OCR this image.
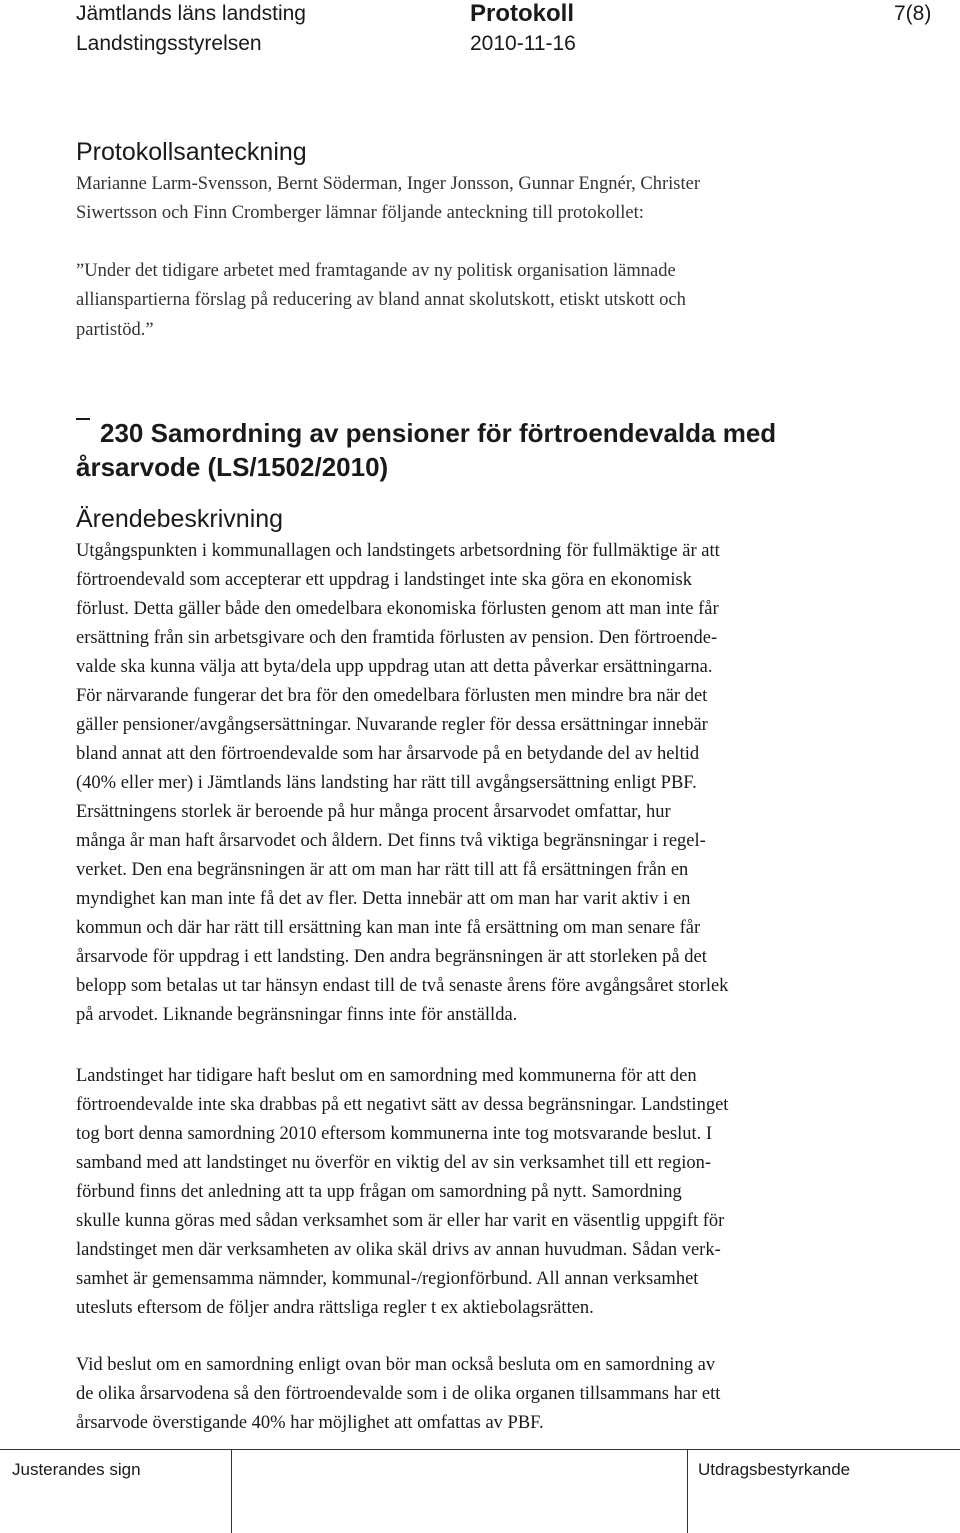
Jämtlands läns landsting
Landstingsstyrelsen
Protokoll
2010-11-16
7(8)
Protokollsanteckning
Marianne Larm-Svensson, Bernt Söderman, Inger Jonsson, Gunnar Engnér, Christer
Siwertsson och Finn Cromberger lämnar följande anteckning till protokollet:
”Under det tidigare arbetet med framtagande av ny politisk organisation lämnade
allianspartierna förslag på reducering av bland annat skolutskott, etiskt utskott och
partistöd.”
230 Samordning av pensioner för förtroendevalda med
årsarvode (LS/1502/2010)
Ärendebeskrivning
Utgångspunkten i kommunallagen och landstingets arbetsordning för fullmäktige är att
förtroendevald som accepterar ett uppdrag i landstinget inte ska göra en ekonomisk
förlust. Detta gäller både den omedelbara ekonomiska förlusten genom att man inte får
ersättning från sin arbetsgivare och den framtida förlusten av pension. Den förtroende-
valde ska kunna välja att byta/dela upp uppdrag utan att detta påverkar ersättningarna.
För närvarande fungerar det bra för den omedelbara förlusten men mindre bra när det
gäller pensioner/avgångsersättningar. Nuvarande regler för dessa ersättningar innebär
bland annat att den förtroendevalde som har årsarvode på en betydande del av heltid
(40% eller mer) i Jämtlands läns landsting har rätt till avgångsersättning enligt PBF.
Ersättningens storlek är beroende på hur många procent årsarvodet omfattar, hur
många år man haft årsarvodet och åldern. Det finns två viktiga begränsningar i regel-
verket. Den ena begränsningen är att om man har rätt till att få ersättningen från en
myndighet kan man inte få det av fler. Detta innebär att om man har varit aktiv i en
kommun och där har rätt till ersättning kan man inte få ersättning om man senare får
årsarvode för uppdrag i ett landsting. Den andra begränsningen är att storleken på det
belopp som betalas ut tar hänsyn endast till de två senaste årens före avgångsåret storlek
på arvodet. Liknande begränsningar finns inte för anställda.
Landstinget har tidigare haft beslut om en samordning med kommunerna för att den
förtroendevalde inte ska drabbas på ett negativt sätt av dessa begränsningar. Landstinget
tog bort denna samordning 2010 eftersom kommunerna inte tog motsvarande beslut. I
samband med att landstinget nu överför en viktig del av sin verksamhet till ett region-
förbund finns det anledning att ta upp frågan om samordning på nytt. Samordning
skulle kunna göras med sådan verksamhet som är eller har varit en väsentlig uppgift för
landstinget men där verksamheten av olika skäl drivs av annan huvudman. Sådan verk-
samhet är gemensamma nämnder, kommunal-/regionförbund. All annan verksamhet
utesluts eftersom de följer andra rättsliga regler t ex aktiebolagsrätten.
Vid beslut om en samordning enligt ovan bör man också besluta om en samordning av
de olika årsarvodena så den förtroendevalde som i de olika organen tillsammans har ett
årsarvode överstigande 40% har möjlighet att omfattas av PBF.
Justerandes sign	Utdragsbestyrkande
